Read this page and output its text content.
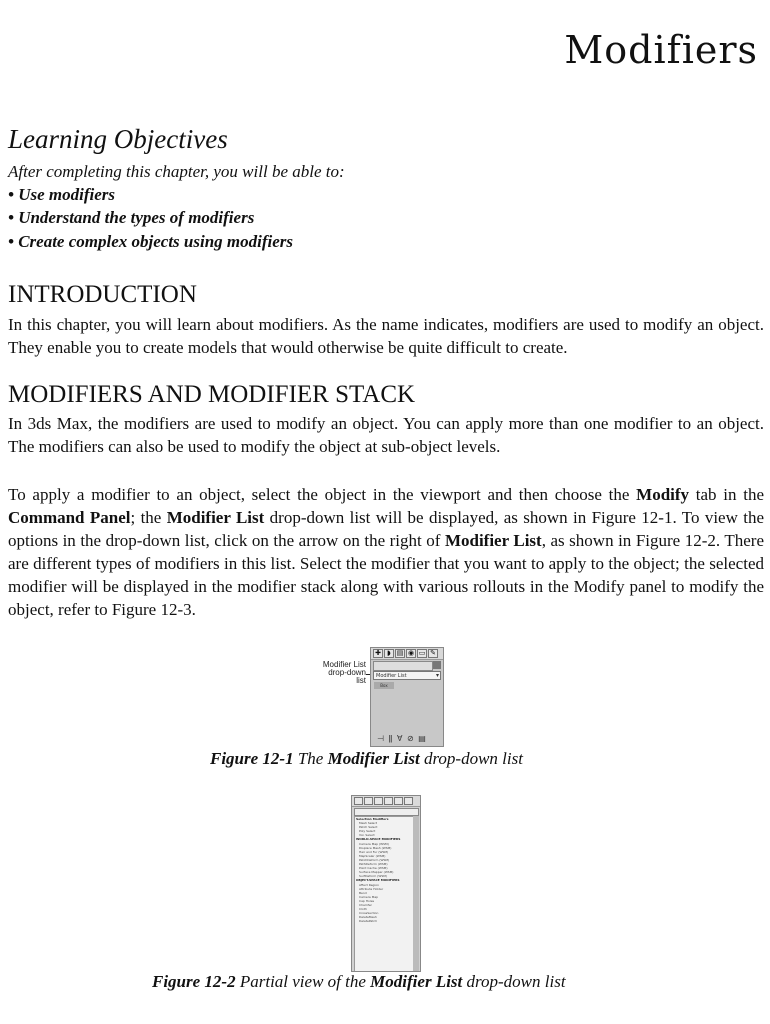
Modifiers
Learning Objectives
After completing this chapter, you will be able to:
• Use modifiers
• Understand the types of modifiers
• Create complex objects using modifiers
INTRODUCTION

In this chapter, you will learn about modifiers. As the name indicates, modifiers are used to modify an object. They enable you to create models that would otherwise be quite difficult to create.

MODIFIERS AND MODIFIER STACK

In 3ds Max, the modifiers are used to modify an object. You can apply more than one modifier to an object. The modifiers can also be used to modify the object at sub-object levels.

To apply a modifier to an object, select the object in the viewport and then choose the Modify tab in the Command Panel; the Modifier List drop-down list will be displayed, as shown in Figure 12-1. To view the options in the drop-down list, click on the arrow on the right of Modifier List, as shown in Figure 12-2. There are different types of modifiers in this list. Select the modifier that you want to apply to the object; the selected modifier will be displayed in the modifier stack along with various rollouts in the Modify panel to modify the object, refer to Figure 12-3.

Modifier List
drop-down
list
✚ ◗ ▤ ◉ ▭ ✎
Modifier List	▾
Box
⊣ ǁ ∀ ⊘ ▤
Figure 12-1 The Modifier List drop-down list
Selection Modifiers
Mesh Select
Patch Select
Poly Select
Vol. Select
WORLD-SPACE MODIFIERS
Camera Map (WSM)
Displace Mesh (WSM)
Hair and Fur (WSM)
MapScaler (WSM)
PatchDeform (WSM)
PathDeform (WSM)
Point Cache (WSM)
Surface Mapper (WSM)
SurfDeform (WSM)
OBJECT-SPACE MODIFIERS
Affect Region
Attribute Holder
Bend
Camera Map
Cap Holes
Chamfer
Cloth
CrossSection
DeleteMesh
DeletePatch
Figure 12-2 Partial view of the Modifier List drop-down list
